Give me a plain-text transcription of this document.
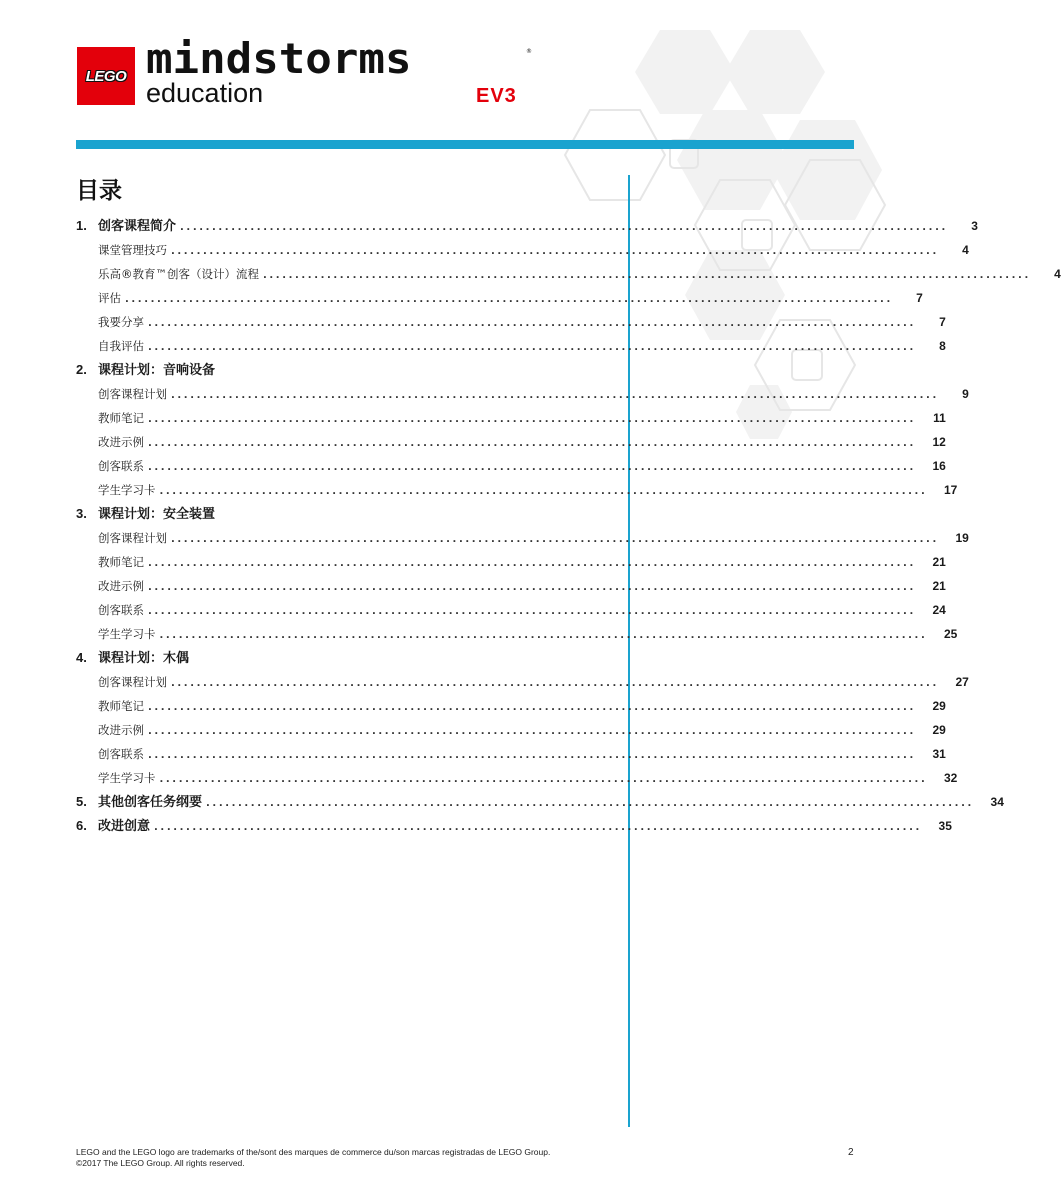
LEGO mindstorms	®
education	EV3
目录
1. 创客课程简介 ........................................................................................................................	3
课堂管理技巧 ........................................................................................................................	4
乐高®教育™创客（设计）流程 ........................................................................................................................	4
评估 ........................................................................................................................	7
我要分享 ........................................................................................................................	7
自我评估 ........................................................................................................................	8
2. 课程计划：音响设备
创客课程计划 ........................................................................................................................	9
教师笔记 ........................................................................................................................	11
改进示例 ........................................................................................................................	12
创客联系 ........................................................................................................................	16
学生学习卡 ........................................................................................................................	17
3. 课程计划：安全装置
创客课程计划 ........................................................................................................................	19
教师笔记 ........................................................................................................................	21
改进示例 ........................................................................................................................	21
创客联系 ........................................................................................................................	24
学生学习卡 ........................................................................................................................	25
4. 课程计划：木偶
创客课程计划 ........................................................................................................................	27
教师笔记 ........................................................................................................................	29
改进示例 ........................................................................................................................	29
创客联系 ........................................................................................................................	31
学生学习卡 ........................................................................................................................	32
5. 其他创客任务纲要 ........................................................................................................................	34
6. 改进创意 ........................................................................................................................	35
LEGO and the LEGO logo are trademarks of the/sont des marques de commerce du/son marcas registradas de LEGO Group.
©2017 The LEGO Group. All rights reserved.
2
